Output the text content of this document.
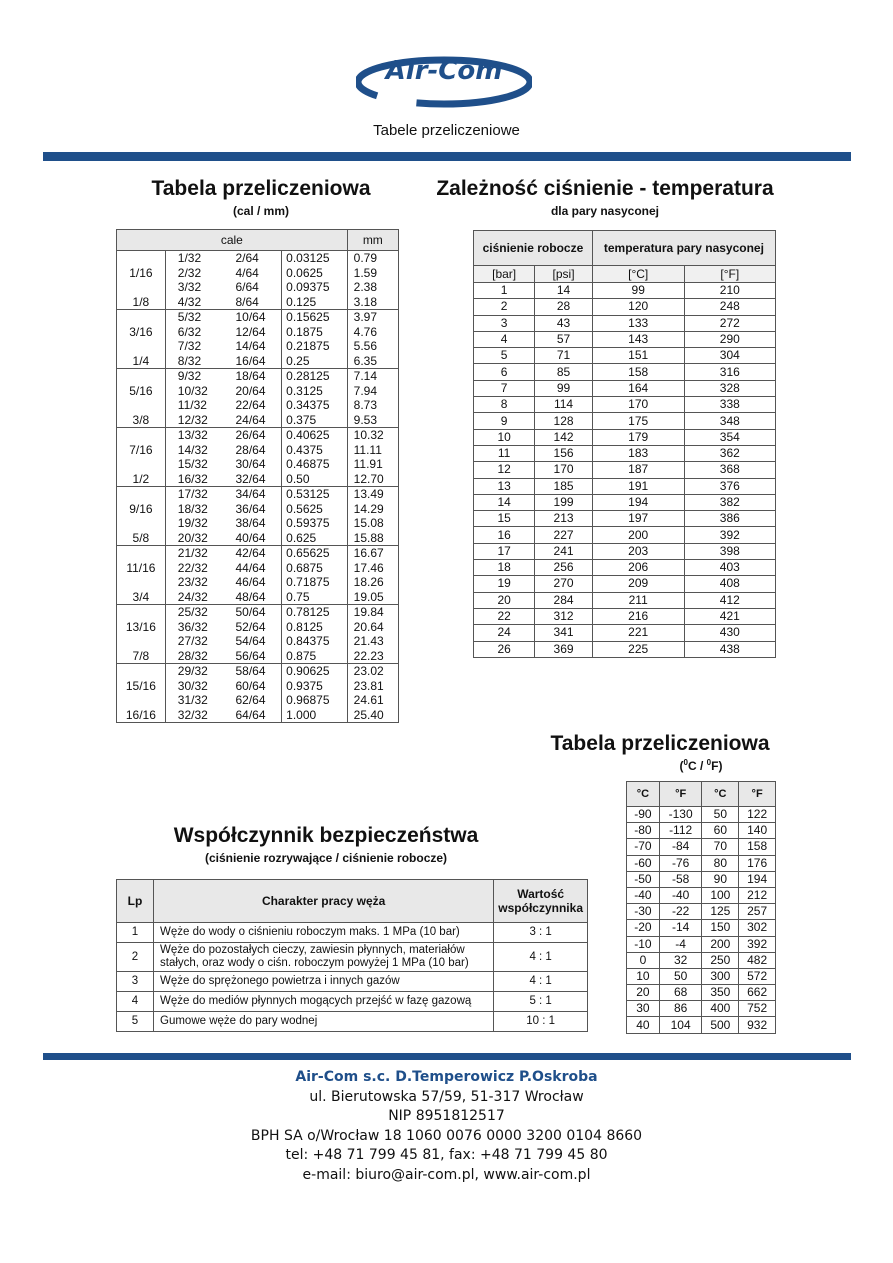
Air-Com
Tabele przeliczeniowe
Tabela przeliczeniowa
(cal / mm)
cale				mm
	1/32	2/64	0.03125	0.79
1/16	2/32	4/64	0.0625	1.59
	3/32	6/64	0.09375	2.38
1/8	4/32	8/64	0.125	3.18
	5/32	10/64	0.15625	3.97
3/16	6/32	12/64	0.1875	4.76
	7/32	14/64	0.21875	5.56
1/4	8/32	16/64	0.25	6.35
	9/32	18/64	0.28125	7.14
5/16	10/32	20/64	0.3125	7.94
	11/32	22/64	0.34375	8.73
3/8	12/32	24/64	0.375	9.53
	13/32	26/64	0.40625	10.32
7/16	14/32	28/64	0.4375	11.11
	15/32	30/64	0.46875	11.91
1/2	16/32	32/64	0.50	12.70
	17/32	34/64	0.53125	13.49
9/16	18/32	36/64	0.5625	14.29
	19/32	38/64	0.59375	15.08
5/8	20/32	40/64	0.625	15.88
	21/32	42/64	0.65625	16.67
11/16	22/32	44/64	0.6875	17.46
	23/32	46/64	0.71875	18.26
3/4	24/32	48/64	0.75	19.05
	25/32	50/64	0.78125	19.84
13/16	36/32	52/64	0.8125	20.64
	27/32	54/64	0.84375	21.43
7/8	28/32	56/64	0.875	22.23
	29/32	58/64	0.90625	23.02
15/16	30/32	60/64	0.9375	23.81
	31/32	62/64	0.96875	24.61
16/16	32/32	64/64	1.000	25.40
Zależność ciśnienie - temperatura
dla pary nasyconej
ciśnienie robocze		temperatura pary nasyconej	
[bar]	[psi]	[°C]	[°F]
1	14	99	210
2	28	120	248
3	43	133	272
4	57	143	290
5	71	151	304
6	85	158	316
7	99	164	328
8	114	170	338
9	128	175	348
10	142	179	354
11	156	183	362
12	170	187	368
13	185	191	376
14	199	194	382
15	213	197	386
16	227	200	392
17	241	203	398
18	256	206	403
19	270	209	408
20	284	211	412
22	312	216	421
24	341	221	430
26	369	225	438
Tabela przeliczeniowa
($^0$C / $^0$F)
°C	°F	°C	°F
-90	-130	50	122
-80	-112	60	140
-70	-84	70	158
-60	-76	80	176
-50	-58	90	194
-40	-40	100	212
-30	-22	125	257
-20	-14	150	302
-10	-4	200	392
0	32	250	482
10	50	300	572
20	68	350	662
30	86	400	752
40	104	500	932
Współczynnik bezpieczeństwa
(ciśnienie rozrywające / ciśnienie robocze)
Lp	Charakter pracy węża	Wartość współczynnika
1	Węże do wody o ciśnieniu roboczym maks. 1 MPa (10 bar)	3 : 1
2	Węże do pozostałych cieczy, zawiesin płynnych, materiałów stałych, oraz wody o ciśn. roboczym powyżej 1 MPa (10 bar)	4 : 1
3	Węże do sprężonego powietrza i innych gazów	4 : 1
4	Węże do mediów płynnych mogących przejść w fazę gazową	5 : 1
5	Gumowe węże do pary wodnej	10 : 1
Air-Com s.c. D.Temperowicz P.Oskroba
ul. Bierutowska 57/59, 51-317 Wrocław
NIP 8951812517
BPH SA o/Wrocław 18 1060 0076 0000 3200 0104 8660
tel: +48 71 799 45 81, fax: +48 71 799 45 80
e-mail: biuro@air-com.pl, www.air-com.pl
